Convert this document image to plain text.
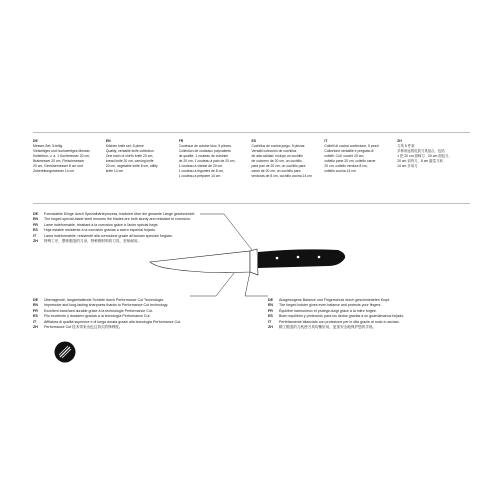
DE
Messer-Set, 5-teilig
Vielseitiges und hochwertiges Messer-
Kollektion, u. a. 1 Kochmesser 20 cm,
Bratmesser 20 cm, Fleischmesser
20 cm, Gemüsemesser 8 cm und
Zubereitungsmesser 14 cm
EN
Kitchen knife set, 5-piece
Quality, versatile knife collection
One each of chef's knife 20 cm,
bread knife 20 cm, carving knife
20 cm, vegetable knife 8 cm, utility
knife 14 cm
FR
Couteaux de cuisine bloc, 5 pièces
Collection de couteaux polyvalents
de qualité, 1 couteau de cuisinier
de 20 cm, 1 couteau à pain de 20 cm,
1 couteau à viande de 20 cm,
1 couteau à légumes de 8 cm,
1 couteau à préparer 14 cm
ES
Cuchillos de cocina juego, 5 piezas
Versátil colección de cuchillos
de alta calidad. Incluye un cuchillo
de cocinero de 20 cm, un cuchillo
para pan de 20 cm, un cuchillo para
carne de 20 cm, un cuchillo para
verduras de 8 cm, cuchillo cocina 14 cm
IT
Coltelli di cucina confezione, 5 pezzi
Collezione versatile e pregiata di
coltelli. Coll. cuochi 20 cm,
coltello pane 20 cm, coltello carne
20 cm, coltello verdura 8 cm,
coltello cucina 14 cm
ZH
刀具 5 件套
多种用途的优质刀具组合，包括
1 把 20 cm 厨师刀、20 cm 面包刀、
20 cm 切肉刀、8 cm 蔬菜刀和
14 cm 多用刀
DE Formstabile Klinge durch Spezialhärteprozess, tradiziert über die gesamte Länge geschmiedet.
EN The forged special-blade steel ensures the blades are both sturdy and resistant to corrosion.
FR Lame indéformable, résistant à la corrosion grâce à l'acier spécial forgé.
ES Hoja estable resistente a la corrosión gracias a acero especial forjado.
IT Lama indeformabile, resistente alla corrosione grazie all'acciaio speciale forgiato.
ZH 特殊工序，整体锻造的刀身，特种钢材料的刀具，坚韧耐用。
DE Überragende, langanhaltende Schärfe durch Performance Cut Technologie.
EN Impressive and long-lasting sharpness thanks to Performance Cut technology.
FR Excellent tranchant durable grâce à la technologie Performance Cut.
ES Filo excelente y duradero gracias a la tecnología Performance Cut.
IT Affilatura di qualità superiore e di lunga durata grazie alla tecnologia Performance Cut.
ZH Performance Cut 技术带来出色且持久的锋利度。
DE Ausgewogene Balance und Fingerschutz durch geschmiedeten Kropf.
EN The forged bolster gives even balance and protects your fingers.
FR Équilibre harmonieux et protège-doigt grâce à la mitre forgée.
ES Buen equilibrio y protección para los dedos gracias a un guardamanos forjado.
IT Perfettamente bilanciato con protezione per le dita grazie al nodo in acciaio.
ZH 精工锻造的刀枕使刀具均衡好用，更加安全地保护您的手指。
